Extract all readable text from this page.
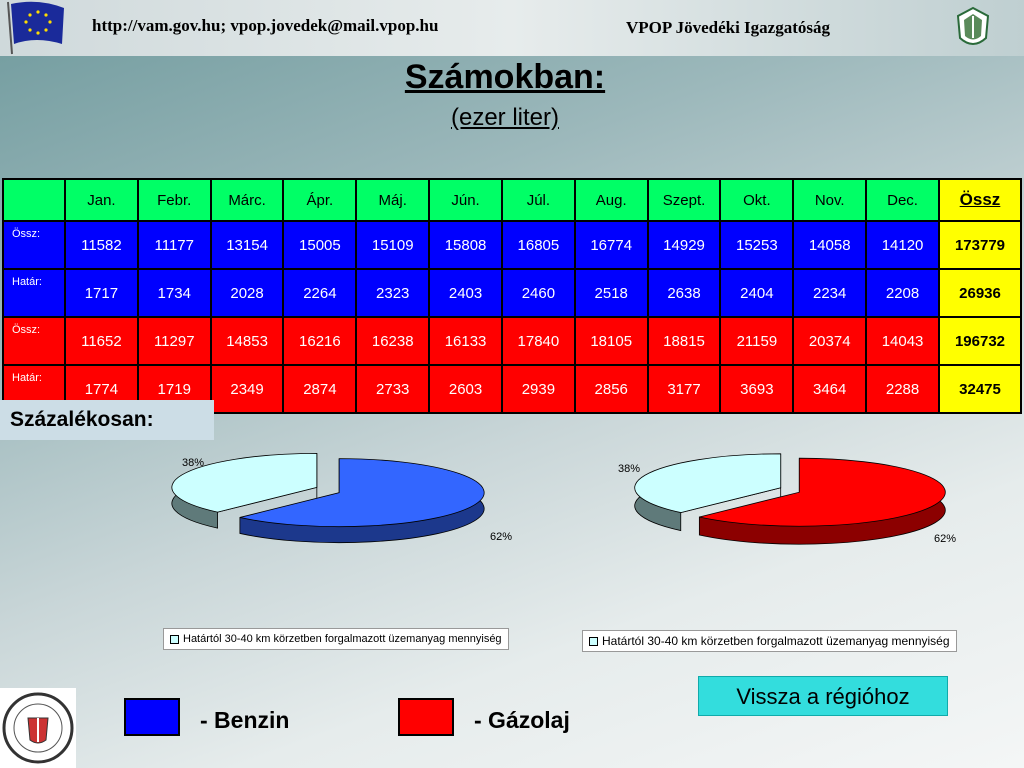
http://vam.gov.hu; vpop.jovedek@mail.vpop.hu	VPOP Jövedéki Igazgatóság
Számokban:
(ezer liter)
	Jan.	Febr.	Márc.	Ápr.	Máj.	Jún.	Júl.	Aug.	Szept.	Okt.	Nov.	Dec.	Össz
Össz:	11582	11177	13154	15005	15109	15808	16805	16774	14929	15253	14058	14120	173779
Határ:	1717	1734	2028	2264	2323	2403	2460	2518	2638	2404	2234	2208	26936
Össz:	11652	11297	14853	16216	16238	16133	17840	18105	18815	21159	20374	14043	196732
Határ:	1774	1719	2349	2874	2733	2603	2939	2856	3177	3693	3464	2288	32475
Százalékosan:
38%
62%
Határtól 30-40 km körzetben forgalmazott üzemanyag mennyiség
38%
62%
Határtól 30-40 km körzetben forgalmazott üzemanyag mennyiség
Vissza a régióhoz
- Benzin	- Gázolaj
